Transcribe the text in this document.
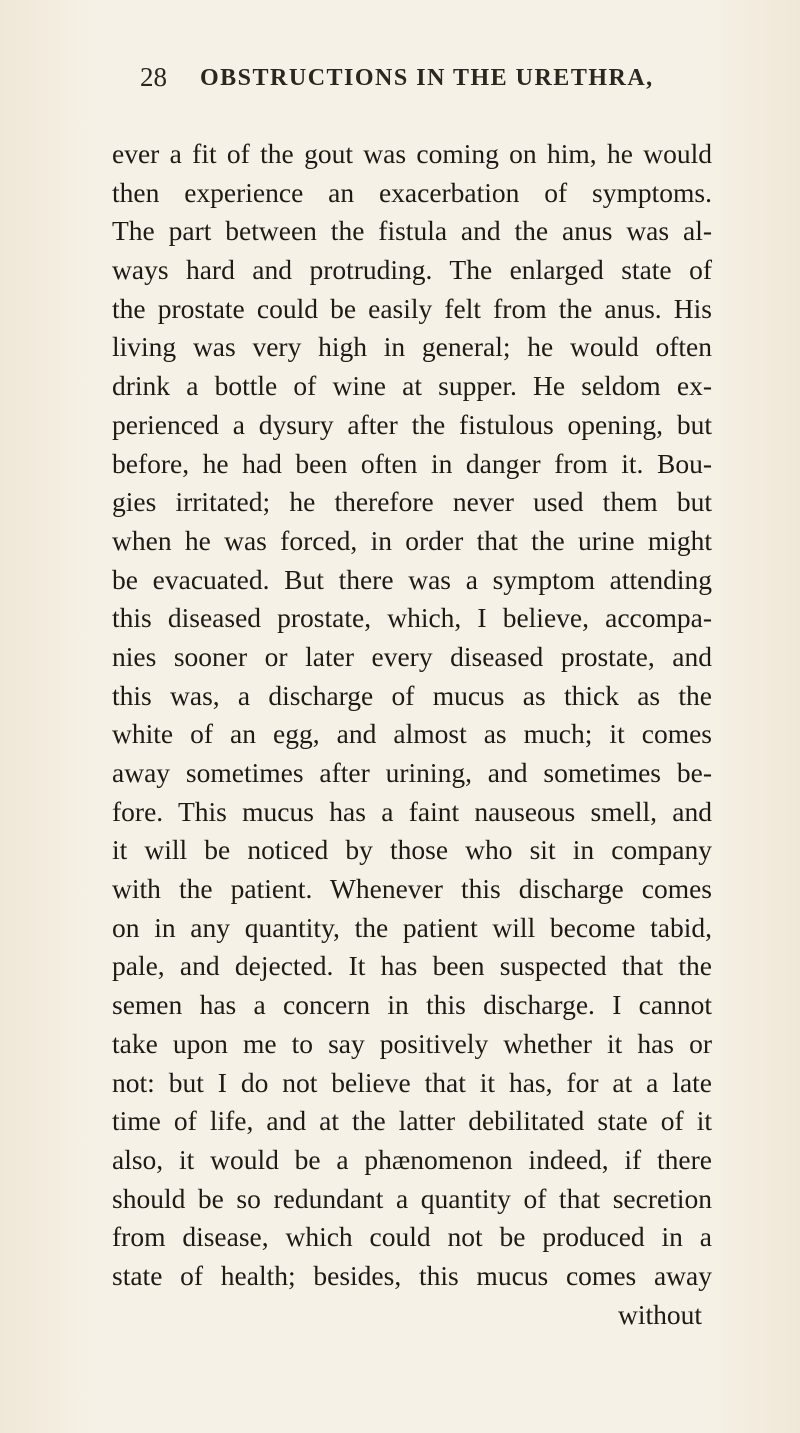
28 OBSTRUCTIONS IN THE URETHRA,
ever a fit of the gout was coming on him, he would
then experience an exacerbation of symptoms.
The part between the fistula and the anus was al-
ways hard and protruding. The enlarged state of
the prostate could be easily felt from the anus. His
living was very high in general; he would often
drink a bottle of wine at supper. He seldom ex-
perienced a dysury after the fistulous opening, but
before, he had been often in danger from it. Bou-
gies irritated; he therefore never used them but
when he was forced, in order that the urine might
be evacuated. But there was a symptom attending
this diseased prostate, which, I believe, accompa-
nies sooner or later every diseased prostate, and
this was, a discharge of mucus as thick as the
white of an egg, and almost as much; it comes
away sometimes after urining, and sometimes be-
fore. This mucus has a faint nauseous smell, and
it will be noticed by those who sit in company
with the patient. Whenever this discharge comes
on in any quantity, the patient will become tabid,
pale, and dejected. It has been suspected that the
semen has a concern in this discharge. I cannot
take upon me to say positively whether it has or
not: but I do not believe that it has, for at a late
time of life, and at the latter debilitated state of it
also, it would be a phænomenon indeed, if there
should be so redundant a quantity of that secretion
from disease, which could not be produced in a
state of health; besides, this mucus comes away
without
